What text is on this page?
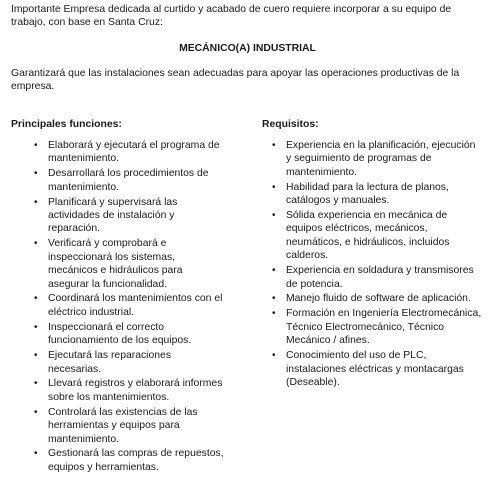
Importante Empresa dedicada al curtido y acabado de cuero requiere incorporar a su equipo de trabajo, con base en Santa Cruz:
MECÁNICO(A) INDUSTRIAL
Garantizará que las instalaciones sean adecuadas para apoyar las operaciones productivas de la empresa.
Principales funciones:	Requisitos:
• Elaborará y ejecutará el programa de mantenimiento.
• Desarrollará los procedimientos de mantenimiento.
• Planificará y supervisará las actividades de instalación y reparación.
• Verificará y comprobará e inspeccionará los sistemas, mecánicos e hidráulicos para asegurar la funcionalidad.
• Coordinará los mantenimientos con el eléctrico industrial.
• Inspeccionará el correcto funcionamiento de los equipos.
• Ejecutará las reparaciones necesarias.
• Llevará registros y elaborará informes sobre los mantenimientos.
• Controlará las existencias de las herramientas y equipos para mantenimiento.
• Gestionará las compras de repuestos, equipos y herramientas.
• Experiencia en la planificación, ejecución y seguimiento de programas de mantenimiento.
• Habilidad para la lectura de planos, catálogos y manuales.
• Sólida experiencia en mecánica de equipos eléctricos, mecánicos, neumáticos, e hidráulicos, incluidos calderos.
• Experiencia en soldadura y transmisores de potencia.
• Manejo fluido de software de aplicación.
• Formación en Ingeniería Electromecánica, Técnico Electromecánico, Técnico Mecánico / afines.
• Conocimiento del uso de PLC, instalaciones eléctricas y montacargas (Deseable).
